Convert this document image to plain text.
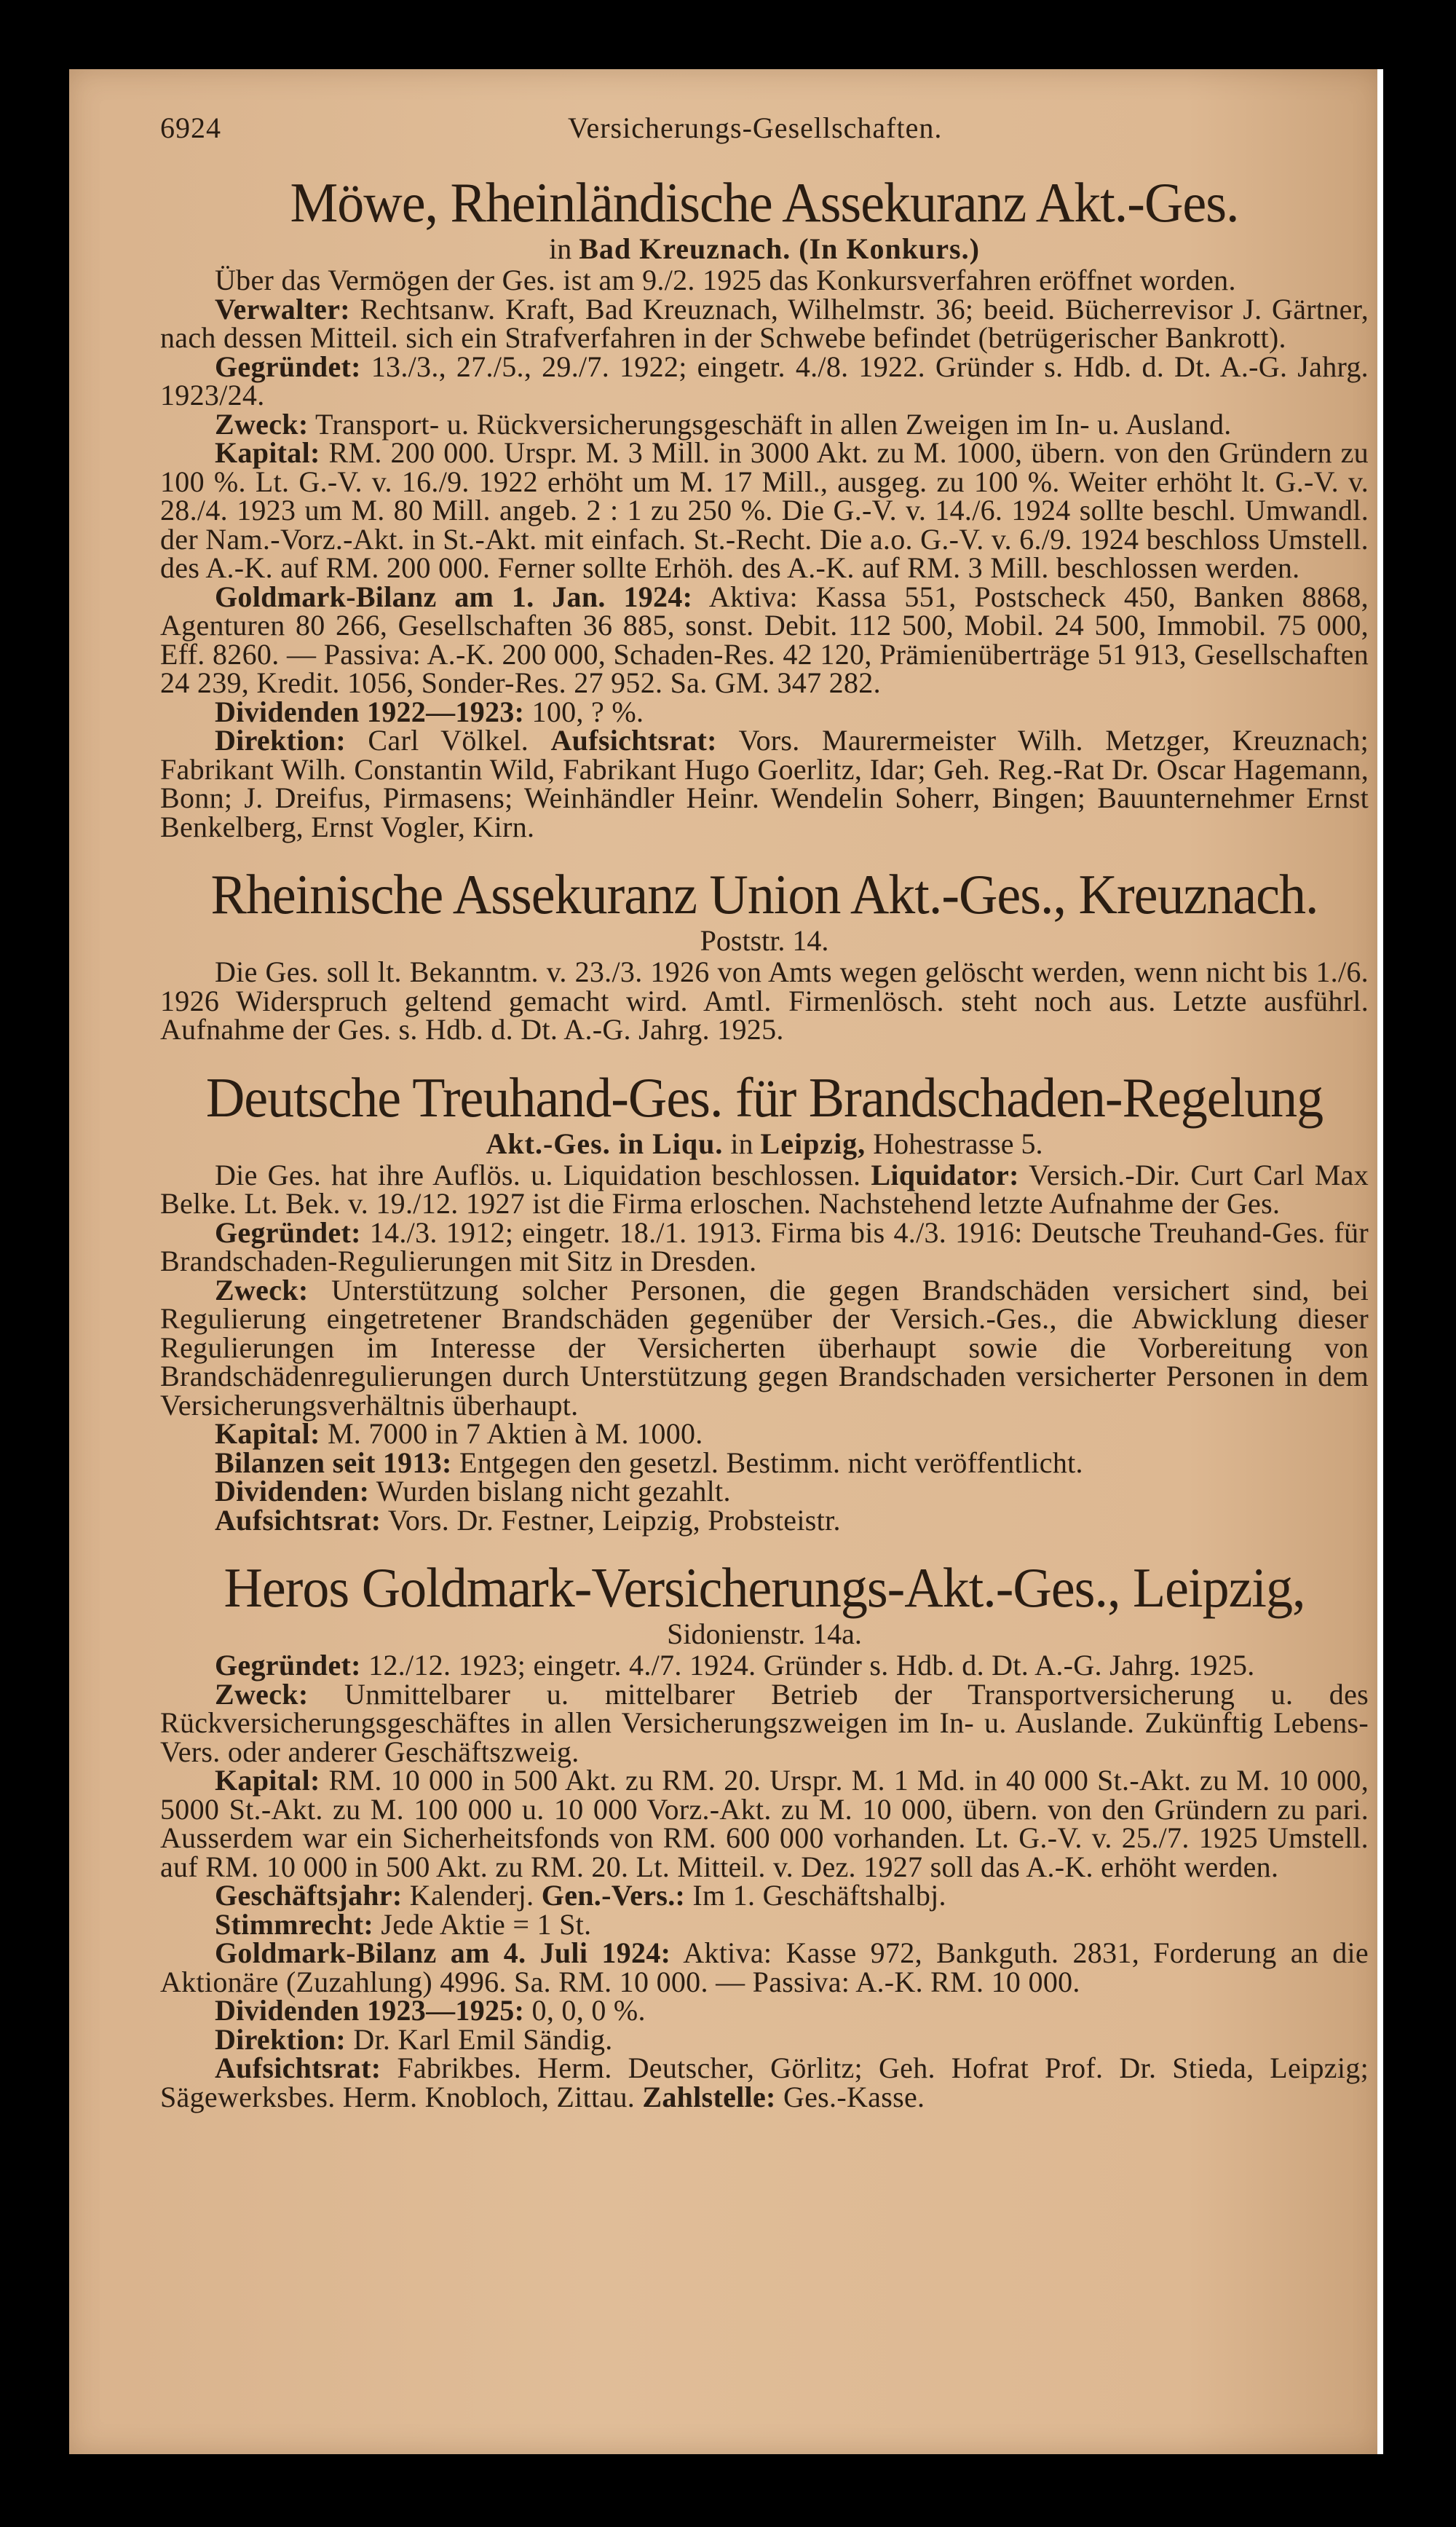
6924	Versicherungs-Gesellschaften.
Möwe, Rheinländische Assekuranz Akt.-Ges.
in Bad Kreuznach. (In Konkurs.)

Über das Vermögen der Ges. ist am 9./2. 1925 das Konkursverfahren eröffnet worden.

Verwalter: Rechtsanw. Kraft, Bad Kreuznach, Wilhelmstr. 36; beeid. Bücherrevisor J. Gärtner, nach dessen Mitteil. sich ein Strafverfahren in der Schwebe befindet (betrügerischer Bankrott).

Gegründet: 13./3., 27./5., 29./7. 1922; eingetr. 4./8. 1922. Gründer s. Hdb. d. Dt. A.-G. Jahrg. 1923/24.

Zweck: Transport- u. Rückversicherungsgeschäft in allen Zweigen im In- u. Ausland.

Kapital: RM. 200 000. Urspr. M. 3 Mill. in 3000 Akt. zu M. 1000, übern. von den Gründern zu 100 %. Lt. G.-V. v. 16./9. 1922 erhöht um M. 17 Mill., ausgeg. zu 100 %. Weiter erhöht lt. G.-V. v. 28./4. 1923 um M. 80 Mill. angeb. 2 : 1 zu 250 %. Die G.-V. v. 14./6. 1924 sollte beschl. Umwandl. der Nam.-Vorz.-Akt. in St.-Akt. mit einfach. St.-Recht. Die a.o. G.-V. v. 6./9. 1924 beschloss Umstell. des A.-K. auf RM. 200 000. Ferner sollte Erhöh. des A.-K. auf RM. 3 Mill. beschlossen werden.

Goldmark-Bilanz am 1. Jan. 1924: Aktiva: Kassa 551, Postscheck 450, Banken 8868, Agenturen 80 266, Gesellschaften 36 885, sonst. Debit. 112 500, Mobil. 24 500, Immobil. 75 000, Eff. 8260. — Passiva: A.-K. 200 000, Schaden-Res. 42 120, Prämienüberträge 51 913, Gesellschaften 24 239, Kredit. 1056, Sonder-Res. 27 952. Sa. GM. 347 282.

Dividenden 1922—1923: 100, ? %.

Direktion: Carl Völkel. Aufsichtsrat: Vors. Maurermeister Wilh. Metzger, Kreuznach; Fabrikant Wilh. Constantin Wild, Fabrikant Hugo Goerlitz, Idar; Geh. Reg.-Rat Dr. Oscar Hagemann, Bonn; J. Dreifus, Pirmasens; Weinhändler Heinr. Wendelin Soherr, Bingen; Bauunternehmer Ernst Benkelberg, Ernst Vogler, Kirn.

Rheinische Assekuranz Union Akt.-Ges., Kreuznach.
Poststr. 14.

Die Ges. soll lt. Bekanntm. v. 23./3. 1926 von Amts wegen gelöscht werden, wenn nicht bis 1./6. 1926 Widerspruch geltend gemacht wird. Amtl. Firmenlösch. steht noch aus. Letzte ausführl. Aufnahme der Ges. s. Hdb. d. Dt. A.-G. Jahrg. 1925.

Deutsche Treuhand-Ges. für Brandschaden-Regelung
Akt.-Ges. in Liqu. in Leipzig, Hohestrasse 5.

Die Ges. hat ihre Auflös. u. Liquidation beschlossen. Liquidator: Versich.-Dir. Curt Carl Max Belke. Lt. Bek. v. 19./12. 1927 ist die Firma erloschen. Nachstehend letzte Aufnahme der Ges.

Gegründet: 14./3. 1912; eingetr. 18./1. 1913. Firma bis 4./3. 1916: Deutsche Treuhand-Ges. für Brandschaden-Regulierungen mit Sitz in Dresden.

Zweck: Unterstützung solcher Personen, die gegen Brandschäden versichert sind, bei Regulierung eingetretener Brandschäden gegenüber der Versich.-Ges., die Abwicklung dieser Regulierungen im Interesse der Versicherten überhaupt sowie die Vorbereitung von Brandschädenregulierungen durch Unterstützung gegen Brandschaden versicherter Personen in dem Versicherungsverhältnis überhaupt.

Kapital: M. 7000 in 7 Aktien à M. 1000.

Bilanzen seit 1913: Entgegen den gesetzl. Bestimm. nicht veröffentlicht.

Dividenden: Wurden bislang nicht gezahlt.

Aufsichtsrat: Vors. Dr. Festner, Leipzig, Probsteistr.

Heros Goldmark-Versicherungs-Akt.-Ges., Leipzig,
Sidonienstr. 14a.

Gegründet: 12./12. 1923; eingetr. 4./7. 1924. Gründer s. Hdb. d. Dt. A.-G. Jahrg. 1925.

Zweck: Unmittelbarer u. mittelbarer Betrieb der Transportversicherung u. des Rückversicherungsgeschäftes in allen Versicherungszweigen im In- u. Auslande. Zukünftig Lebens-Vers. oder anderer Geschäftszweig.

Kapital: RM. 10 000 in 500 Akt. zu RM. 20. Urspr. M. 1 Md. in 40 000 St.-Akt. zu M. 10 000, 5000 St.-Akt. zu M. 100 000 u. 10 000 Vorz.-Akt. zu M. 10 000, übern. von den Gründern zu pari. Ausserdem war ein Sicherheitsfonds von RM. 600 000 vorhanden. Lt. G.-V. v. 25./7. 1925 Umstell. auf RM. 10 000 in 500 Akt. zu RM. 20. Lt. Mitteil. v. Dez. 1927 soll das A.-K. erhöht werden.

Geschäftsjahr: Kalenderj. Gen.-Vers.: Im 1. Geschäftshalbj.

Stimmrecht: Jede Aktie = 1 St.

Goldmark-Bilanz am 4. Juli 1924: Aktiva: Kasse 972, Bankguth. 2831, Forderung an die Aktionäre (Zuzahlung) 4996. Sa. RM. 10 000. — Passiva: A.-K. RM. 10 000.

Dividenden 1923—1925: 0, 0, 0 %.

Direktion: Dr. Karl Emil Sändig.

Aufsichtsrat: Fabrikbes. Herm. Deutscher, Görlitz; Geh. Hofrat Prof. Dr. Stieda, Leipzig; Sägewerksbes. Herm. Knobloch, Zittau. Zahlstelle: Ges.-Kasse.
